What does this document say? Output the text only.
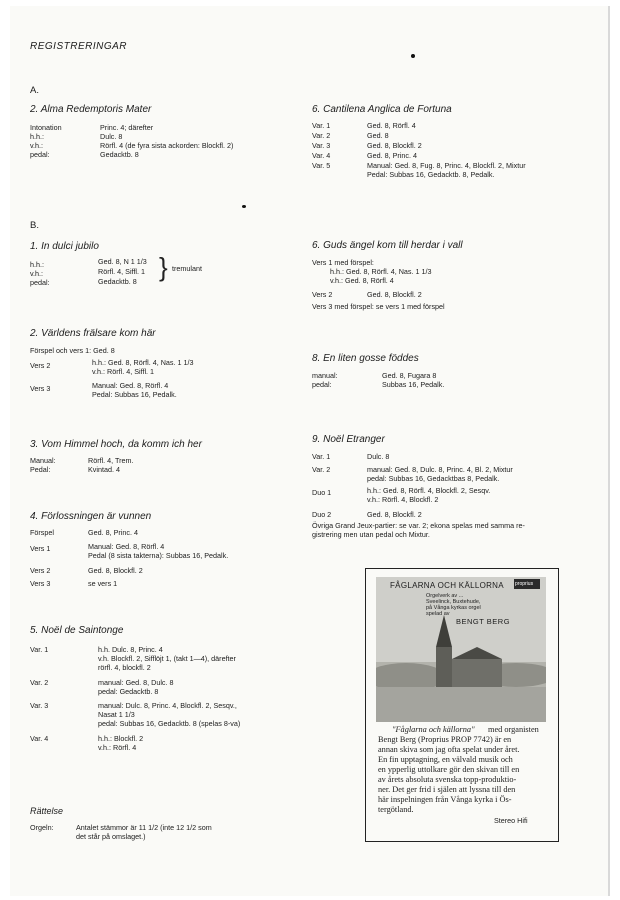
REGISTRERINGAR
A.
2. Alma Redemptoris Mater
Intonation	Princ. 4; därefter
h.h.:	Dulc. 8
v.h.:	Rörfl. 4 (de fyra sista ackorden: Blockfl. 2)
pedal:	Gedacktb. 8
6. Cantilena Anglica de Fortuna
Var. 1	Ged. 8, Rörfl. 4
Var. 2	Ged. 8
Var. 3	Ged. 8, Blockfl. 2
Var. 4	Ged. 8, Princ. 4
Var. 5	Manual: Ged. 8, Fug. 8, Princ. 4, Blockfl. 2, Mixtur
Pedal: Subbas 16, Gedacktb. 8, Pedalk.
B.
1. In dulci jubilo
h.h.:	Ged. 8, N 1 1/3
v.h.:	Rörfl. 4, Siffl. 1
pedal:	Gedacktb. 8 } tremulant
6. Guds ängel kom till herdar i vall
Vers 1 med förspel:
h.h.: Ged. 8, Rörfl. 4, Nas. 1 1/3
v.h.: Ged. 8, Rörfl. 4
Vers 2	Ged. 8, Blockfl. 2
Vers 3 med förspel: se vers 1 med förspel
2. Världens frälsare kom här
Förspel och vers 1: Ged. 8
Vers 2	h.h.: Ged. 8, Rörfl. 4, Nas. 1 1/3
v.h.: Rörfl. 4, Siffl. 1
Vers 3	Manual: Ged. 8, Rörfl. 4
Pedal: Subbas 16, Pedalk.
8. En liten gosse föddes
manual:	Ged. 8, Fugara 8
pedal:	Subbas 16, Pedalk.
3. Vom Himmel hoch, da komm ich her
Manual:	Rörfl. 4, Trem.
Pedal:	Kvintad. 4
9. Noël Etranger
Var. 1	Dulc. 8
Var. 2	manual: Ged. 8, Dulc. 8, Princ. 4, Bl. 2, Mixtur
pedal: Subbas 16, Gedacktbas 8, Pedalk.
Duo 1	h.h.: Ged. 8, Rörfl. 4, Blockfl. 2, Sesqv.
v.h.: Rörfl. 4, Blockfl. 2
Duo 2	Ged. 8, Blockfl. 2
Övriga Grand Jeux-partier: se var. 2; ekona spelas med samma re-
gistrering men utan pedal och Mixtur.
4. Förlossningen är vunnen
Förspel	Ged. 8, Princ. 4
Vers 1	Manual: Ged. 8, Rörfl. 4
Pedal (8 sista takterna): Subbas 16, Pedalk.
Vers 2	Ged. 8, Blockfl. 2
Vers 3	se vers 1
5. Noël de Saintonge
Var. 1	h.h. Dulc. 8, Princ. 4
v.h. Blockfl. 2, Sifflöjt 1, (takt 1—4), därefter
rörfl. 4, blockfl. 2
Var. 2	manual: Ged. 8, Dulc. 8
pedal: Gedacktb. 8
Var. 3	manual: Dulc. 8, Princ. 4, Blockfl. 2, Sesqv.,
Nasat 1 1/3
pedal: Subbas 16, Gedacktb. 8 (spelas 8-va)
Var. 4	h.h.: Blockfl. 2
v.h.: Rörfl. 4
Rättelse
Orgeln:	Antalet stämmor är 11 1/2 (inte 12 1/2 som
det står på omslaget.)
FÅGLARNA OCH KÄLLORNA proprius
Orgelverk av ...
Sveelinck, Buxtehude,
på Vånga kyrkas orgel
spelad av
BENGT BERG
"Fåglarna och källorna" med organisten
Bengt Berg (Proprius PROP 7742) är en
annan skiva som jag ofta spelat under året.
En fin upptagning, en välvald musik och
en ypperlig uttolkare gör den skivan till en
av årets absoluta svenska topp-produktio-
ner. Det ger frid i själen att lyssna till den
här inspelningen från Vånga kyrka i Ös-
tergötland.
Stereo Hifi
